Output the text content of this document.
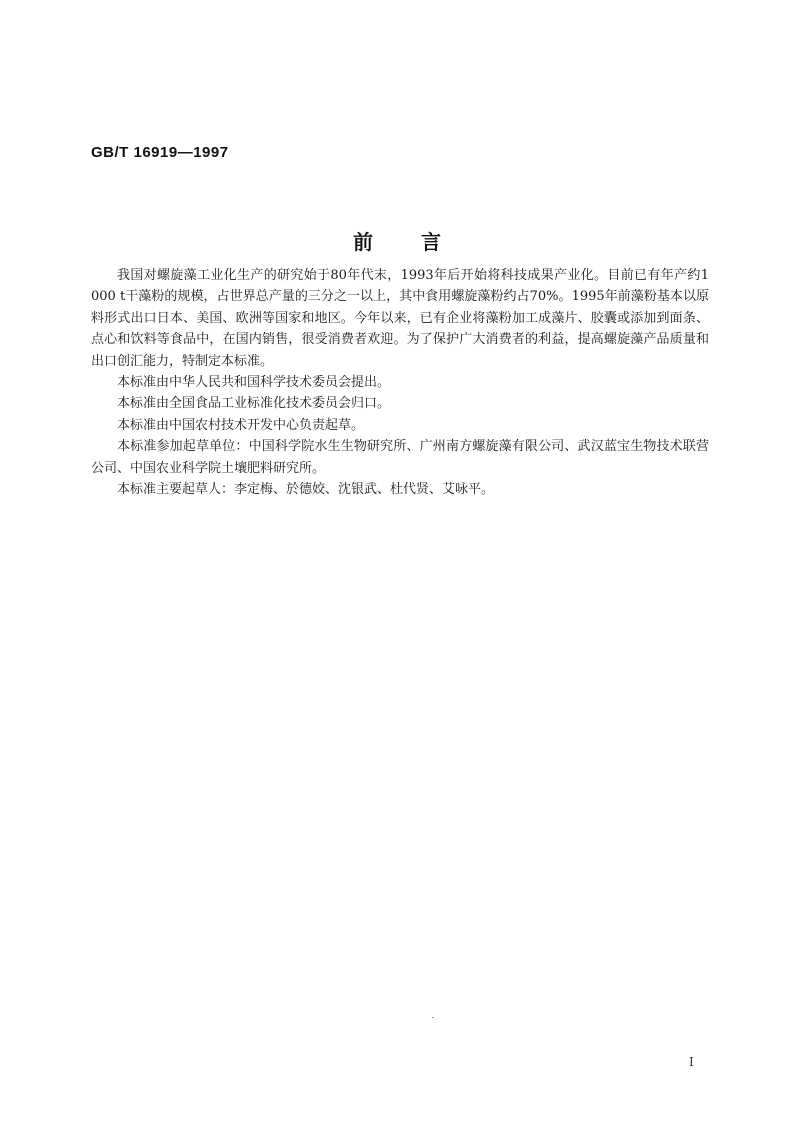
GB/T 16919—1997
前言

我国对螺旋藻工业化生产的研究始于80年代末，1993年后开始将科技成果产业化。目前已有年产约1 000 t干藻粉的规模，占世界总产量的三分之一以上，其中食用螺旋藻粉约占70%。1995年前藻粉基本以原料形式出口日本、美国、欧洲等国家和地区。今年以来，已有企业将藻粉加工成藻片、胶囊或添加到面条、点心和饮料等食品中，在国内销售，很受消费者欢迎。为了保护广大消费者的利益，提高螺旋藻产品质量和出口创汇能力，特制定本标准。

本标准由中华人民共和国科学技术委员会提出。

本标准由全国食品工业标准化技术委员会归口。

本标准由中国农村技术开发中心负责起草。

本标准参加起草单位：中国科学院水生生物研究所、广州南方螺旋藻有限公司、武汉蓝宝生物技术联营公司、中国农业科学院土壤肥料研究所。

本标准主要起草人：李定梅、於德姣、沈银武、杜代贤、艾咏平。

I
